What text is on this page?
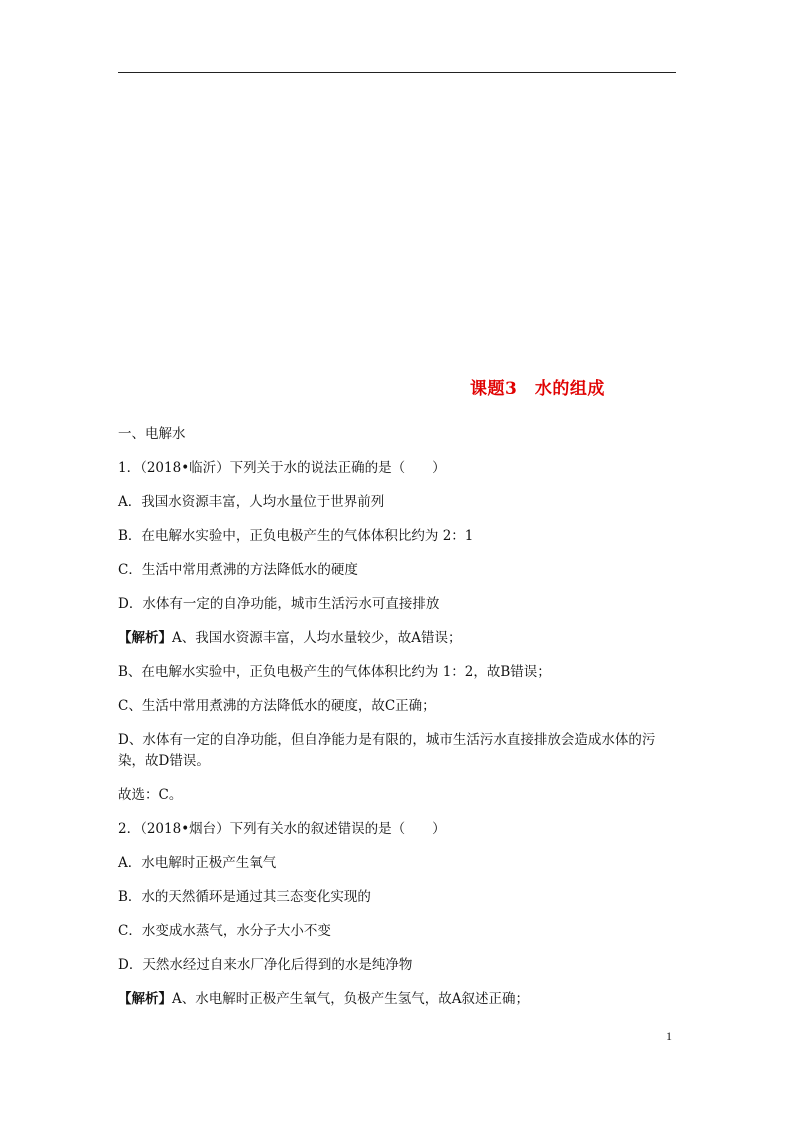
课题3　水的组成
一、电解水
1．（2018•临沂）下列关于水的说法正确的是（　　）
A．我国水资源丰富，人均水量位于世界前列
B．在电解水实验中，正负电极产生的气体体积比约为 2：1
C．生活中常用煮沸的方法降低水的硬度
D．水体有一定的自净功能，城市生活污水可直接排放
【解析】A、我国水资源丰富，人均水量较少，故A错误；
B、在电解水实验中，正负电极产生的气体体积比约为 1：2，故B错误；
C、生活中常用煮沸的方法降低水的硬度，故C正确；
D、水体有一定的自净功能，但自净能力是有限的，城市生活污水直接排放会造成水体的污染，故D错误。
故选：C。
2．（2018•烟台）下列有关水的叙述错误的是（　　）
A．水电解时正极产生氧气
B．水的天然循环是通过其三态变化实现的
C．水变成水蒸气，水分子大小不变
D．天然水经过自来水厂净化后得到的水是纯净物
【解析】A、水电解时正极产生氧气，负极产生氢气，故A叙述正确；
1
